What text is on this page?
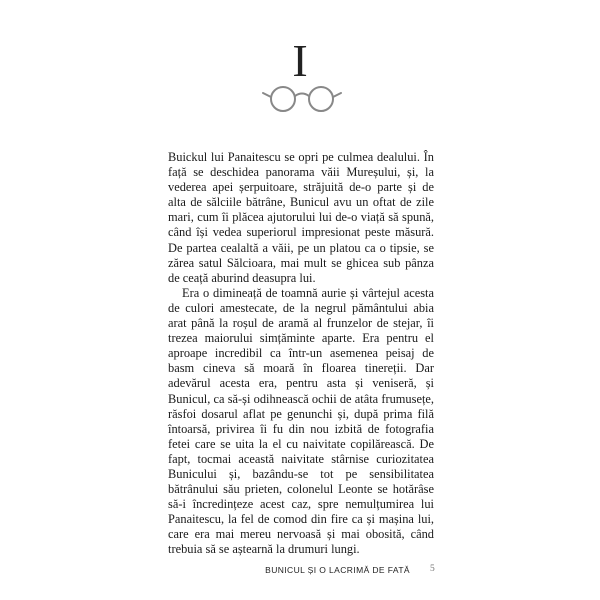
I

Buickul lui Panaitescu se opri pe culmea dealului. În față se deschidea panorama văii Mureșului, și, la vederea apei șerpuitoare, străjuită de-o parte și de alta de sălciile bătrâne, Bunicul avu un oftat de zile mari, cum îi plăcea ajutorului lui de-o viață să spună, când își vedea superiorul impresionat peste măsură. De partea cealaltă a văii, pe un platou ca o tipsie, se zărea satul Sălcioara, mai mult se ghicea sub pânza de ceață aburind deasupra lui.

Era o dimineață de toamnă aurie și vârtejul acesta de culori amestecate, de la negrul pământului abia arat până la roșul de aramă al frunzelor de stejar, îi trezea maiorului simțăminte aparte. Era pentru el aproape incredibil ca într-un asemenea peisaj de basm cineva să moară în floarea tinereții. Dar adevărul acesta era, pentru asta și veniseră, și Bunicul, ca să-și odihnească ochii de atâta frumusețe, răsfoi dosarul aflat pe genunchi și, după prima filă întoarsă, privirea îi fu din nou izbită de fotografia fetei care se uita la el cu naivitate copilărească. De fapt, tocmai această naivitate stârnise curiozitatea Bunicului și, bazându-se tot pe sensibilitatea bătrânului său prieten, colonelul Leonte se hotărâse să-i încredințeze acest caz, spre nemulțumirea lui Panaitescu, la fel de comod din fire ca și mașina lui, care era mai mereu nervoasă și mai obosită, când trebuia să se aștearnă la drumuri lungi.

BUNICUL ȘI O LACRIMĂ DE FATĂ 5
